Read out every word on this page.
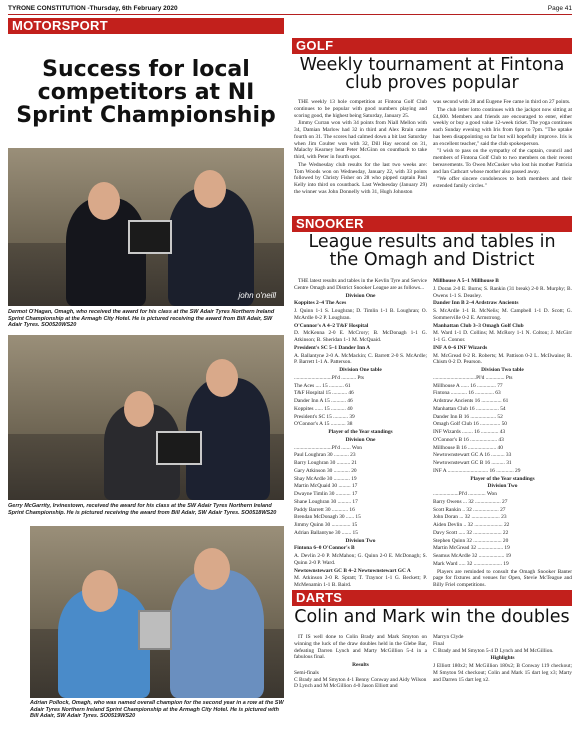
TYRONE CONSTITUTION -Thursday, 6th February 2020	Page 41
MOTORSPORT
Success for local competitors at NI Sprint Championship
john o'neill
Dermot O'Hagan, Omagh, who received the award for his class at the SW Adair Tyres Northern Ireland Sprint Championship at the Armagh City Hotel. He is pictured receiving the award from Bill Adair, SW Adair Tyres. SO0520WS20
Gerry McGarrity, Irvinestown, received the award for his class at the SW Adair Tyres Northern Ireland Sprint Championship. He is pictured receiving the award from Bill Adair, SW Adair Tyres. SO0518WS20
Adrian Pollock, Omagh, who was named overall champion for the second year in a row at the SW Adair Tyres Northern Ireland Sprint Championship at the Armagh City Hotel. He is pictured with Bill Adair, SW Adair Tyres. SO0519WS20
GOLF
Weekly tournament at Fintona club proves popular

THE weekly 13 hole competition at Fintona Golf Club continues to be popular with good numbers playing and scoring good, the highest being Saturday, January 25.

Jimmy Curran won with 34 points from Niall Mellon with 34, Damian Marlow had 32 in third and Alex Rrain came fourth on 31. The scores had calmed down a bit last Saturday when Jim Coulter won with 32, Dill Hay second on 31, Malachy Kearney beat Peter McGinn on countback to take third, with Peter in fourth spot.

The Wednesday club results for the last two weeks are: Tom Woods won on Wednesday, January 22, with 33 points followed by Christy Fisher on 28 who pipped captain Paul Kelly into third on countback. Last Wednesday (January 29) the winner was John Donnelly with 31, Hugh Johnston

was second with 28 and Eugene Fee came in third on 27 points.

The club letter lotto continues with the jackpot now sitting at £4,600. Members and friends are encouraged to enter, either weekly or buy a good value 12-week ticket. The yoga continues each Sunday evening with Iris from 6pm to 7pm. "The uptake has been disappointing so far but will hopefully improve. Iris is an excellent teacher," said the club spokesperson.

"I wish to pass on the sympathy of the captain, council and members of Fintona Golf Club to two members on their recent bereavements. To Owen McCusker who lost his mother Patricia and Ian Cathcart whose mother also passed away.

"We offer sincere condolences to both members and their extended family circles."

SNOOKER
League results and tables in the Omagh and District

THE latest results and tables in the Kevlin Tyre and Service Centre Omagh and District Snooker League are as follows...

Division One

Koppites 2–4 The Aces

J. Quinn 1-1 S. Loughran; D. Timlin 1-1 B. Loughran; O. McArdle 0-2 P. Loughran.

O'Connor's A 4–2 T&F Hospital

D. McKenna 2-0 E. McCrory; B. McDonagh 1-1 G. Atkinson; B. Sheridan 1-1 M. McQuaid.

President's SC 5–1 Dander Inn A

A. Ballantyne 2-0 A. McMackin; C. Barrett 2-0 S. McArdle; P. Barrett 1-1 A. Patterson.

Division One table

............................Pl'd ........... Pts

The Aces .... 15 ........... 61

T&F Hospital 15 ........... 46

Dander Inn A 15 ........... 46

Koppites ...... 15 ........... 40

President's SC 15 ........... 39

O'Connor's A 15 ........... 38

Player of the Year standings

Division One

............................Pl'd ....... Won

Paul Loughran 30 ........... 23

Barry Loughran 30 .......... 21

Gary Atkinson 30 ............ 20

Shay McArdle 30 ............ 19

Martin McQuaid 30 ......... 17

Dwayne Timlin 30 ........... 17

Shane Loughran 30 .......... 17

Paddy Barrett 30 ............ 16

Brendan McDonagh 30 ...... 15

Jimmy Quinn 30 .............. 15

Adrian Ballantyne 30 ....... 15

Division Two

Fintona 6–0 O'Connor's B

A. Devlin 2-0 P. McMahon; G. Quinn 2-0 E. McDonagh; S. Quinn 2-0 P. Ward.

Newtownstewart GC B 4–2 Newtownstewart GC A

M. Atkinson 2-0 R. Spratt; T. Traynor 1-1 G. Beckett; P. McMenamin 1-1 B. Baird.

Millhouse A 5–1 Millhouse B

J. Doran 2-0 E. Burns; S. Rankin (31 break) 2-0 R. Murphy; B. Owens 1-1 S. Deasley.

Dander Inn B 2–4 Ardstraw Ancients

S. McArdle 1-1 B. McNelis; M. Campbell 1-1 D. Scott; G. Sommerville 0-2 E. Armstrong.

Manhattan Club 3–3 Omagh Golf Club

M. Ward 1-1 D. Collins; M. McRory 1-1 N. Colton; J. McGirr 1-1 G. Connor.

INF A 0–6 INF Wizards

M. McGread 0-2 R. Roberts; M. Pattison 0-2 L. McIlwaine; R. Chism 0-2 D. Pearson.

Division Two table

................................Pl'd .............. Pts

Millhouse A ...... 16 .............. 77

Fintona ............ 16 .............. 63

Ardstraw Ancients 16 ............... 61

Manhattan Club 16 ................. 54

Dander Inn B 16 ................... 52

Omagh Golf Club 16 ............... 50

INF Wizards ........ 16 ............. 43

O'Connor's B 16 .................... 43

Millhouse B 16 ..................... 40

Newtownstewart GC A 16 .......... 33

Newtownstewart GC B 16 .......... 31

INF A .............................. 16 ............. 29

Player of the Year standings

Division Two

...................Pl'd ............. Won

Barry Owens ... 32 ................... 27

Scott Rankin .. 32 ................... 27

John Doran ... 32 ..................... 23

Aiden Devlin .. 32 ..................... 22

Davy Scott ..... 32 ..................... 22

Stephen Quinn 32 ..................... 20

Martin McGread 32 ................... 19

Seamus McArdle 32 ................... 19

Mark Ward ..... 32 ..................... 19

Players are reminded to consult the Omagh Snooker Banter page for fixtures and venues for Open, Stevie McTeague and Billy Friel competitions.

DARTS
Colin and Mark win the doubles

IT IS well done to Colin Brady and Mark Smyton on winning the luck of the draw doubles held in the Glebe Bar, defeating Darren Lynch and Marty McGillion 5-4 in a fabulous final.

Results

Semi-finals
C Brady and M Smyton 4-1 Benny Conway and Aidy Wilson
D Lynch and M McGillion 4-0 Jason Elliott and

Marryn Clyde
Final
C Brady and M Smyton 5-4 D Lynch and M McGillion.

Highlights

J Elliott 180x2; M McGillion 180x2; B Conway 119 checkout; M Smyton 94 checkout; Colin and Mark 15 dart leg x3; Marty and Darren 15 dart leg x2.
